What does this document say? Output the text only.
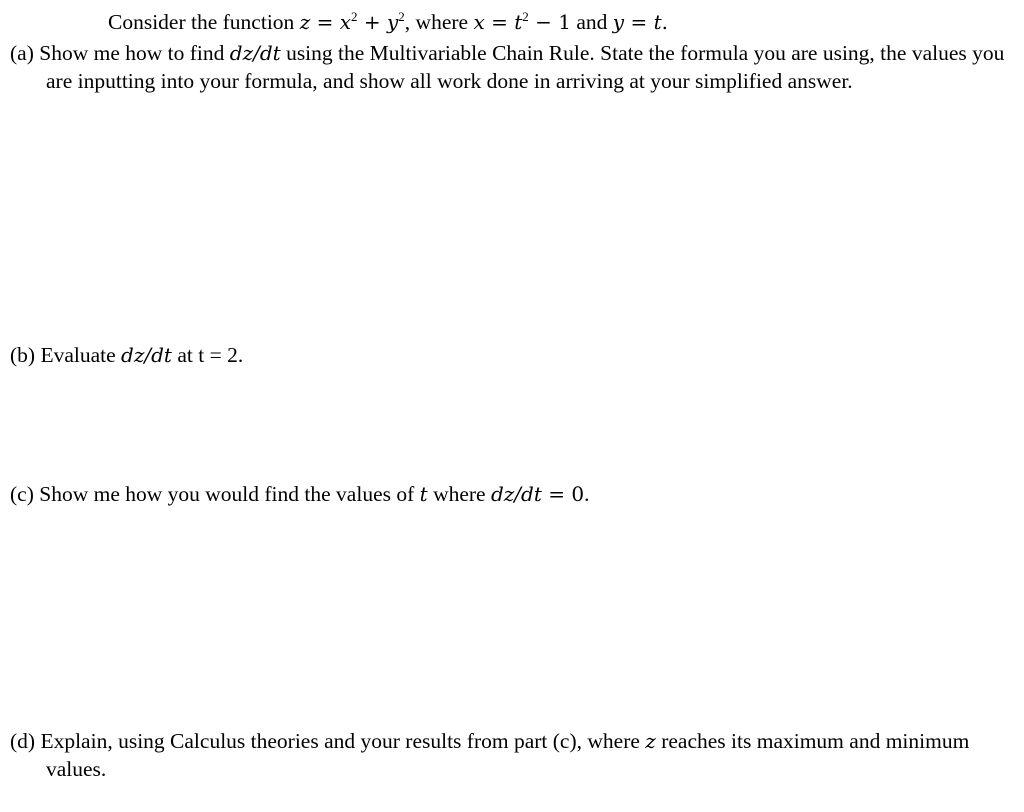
Consider the function $z = x^2 + y^2$, where $x = t^2 - 1$ and y = t.
(a) Show me how to find dz/dt using the Multivariable Chain Rule. State the formula you are using, the values you are inputting into your formula, and show all work done in arriving at your simplified answer.
(b) Evaluate dz/dt at t = 2.
(c) Show me how you would find the values of t where dz/dt = 0.
(d) Explain, using Calculus theories and your results from part (c), where z reaches its maximum and minimum values.
